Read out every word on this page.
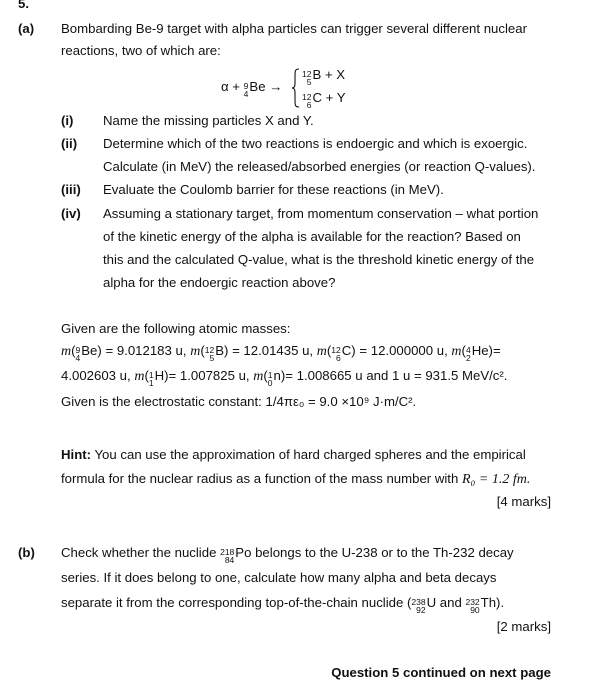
5.
(a) Bombarding Be-9 target with alpha particles can trigger several different nuclear
reactions, two of which are:
α + 9
4 Be →
12
5 B + X
12
6 C + Y
(i) Name the missing particles X and Y.
(ii) Determine which of the two reactions is endoergic and which is exoergic.
Calculate (in MeV) the released/absorbed energies (or reaction Q-values).
(iii) Evaluate the Coulomb barrier for these reactions (in MeV).
(iv) Assuming a stationary target, from momentum conservation – what portion
of the kinetic energy of the alpha is available for the reaction? Based on
this and the calculated Q-value, what is the threshold kinetic energy of the
alpha for the endoergic reaction above?
Given are the following atomic masses:
m( 9
4 Be) = 9.012183 u, m( 12
5 B) = 12.01435 u, m( 12
6 C) = 12.000000 u, m( 4
2 He)=
4.002603 u, m( 1
1 H)= 1.007825 u, m( 1
0 n)= 1.008665 u and 1 u = 931.5 MeV/c².
Given is the electrostatic constant: 1/4πε₀ = 9.0 ×10⁹ J·m/C².
Hint: You can use the approximation of hard charged spheres and the empirical
formula for the nuclear radius as a function of the mass number with R₀ = 1.2 fm.
[4 marks]
(b) Check whether the nuclide 218
84 Po belongs to the U-238 or to the Th-232 decay
series. If it does belong to one, calculate how many alpha and beta decays
separate it from the corresponding top-of-the-chain nuclide ( 238
92 U and 232
90 Th ).
[2 marks]
Question 5 continued on next page
